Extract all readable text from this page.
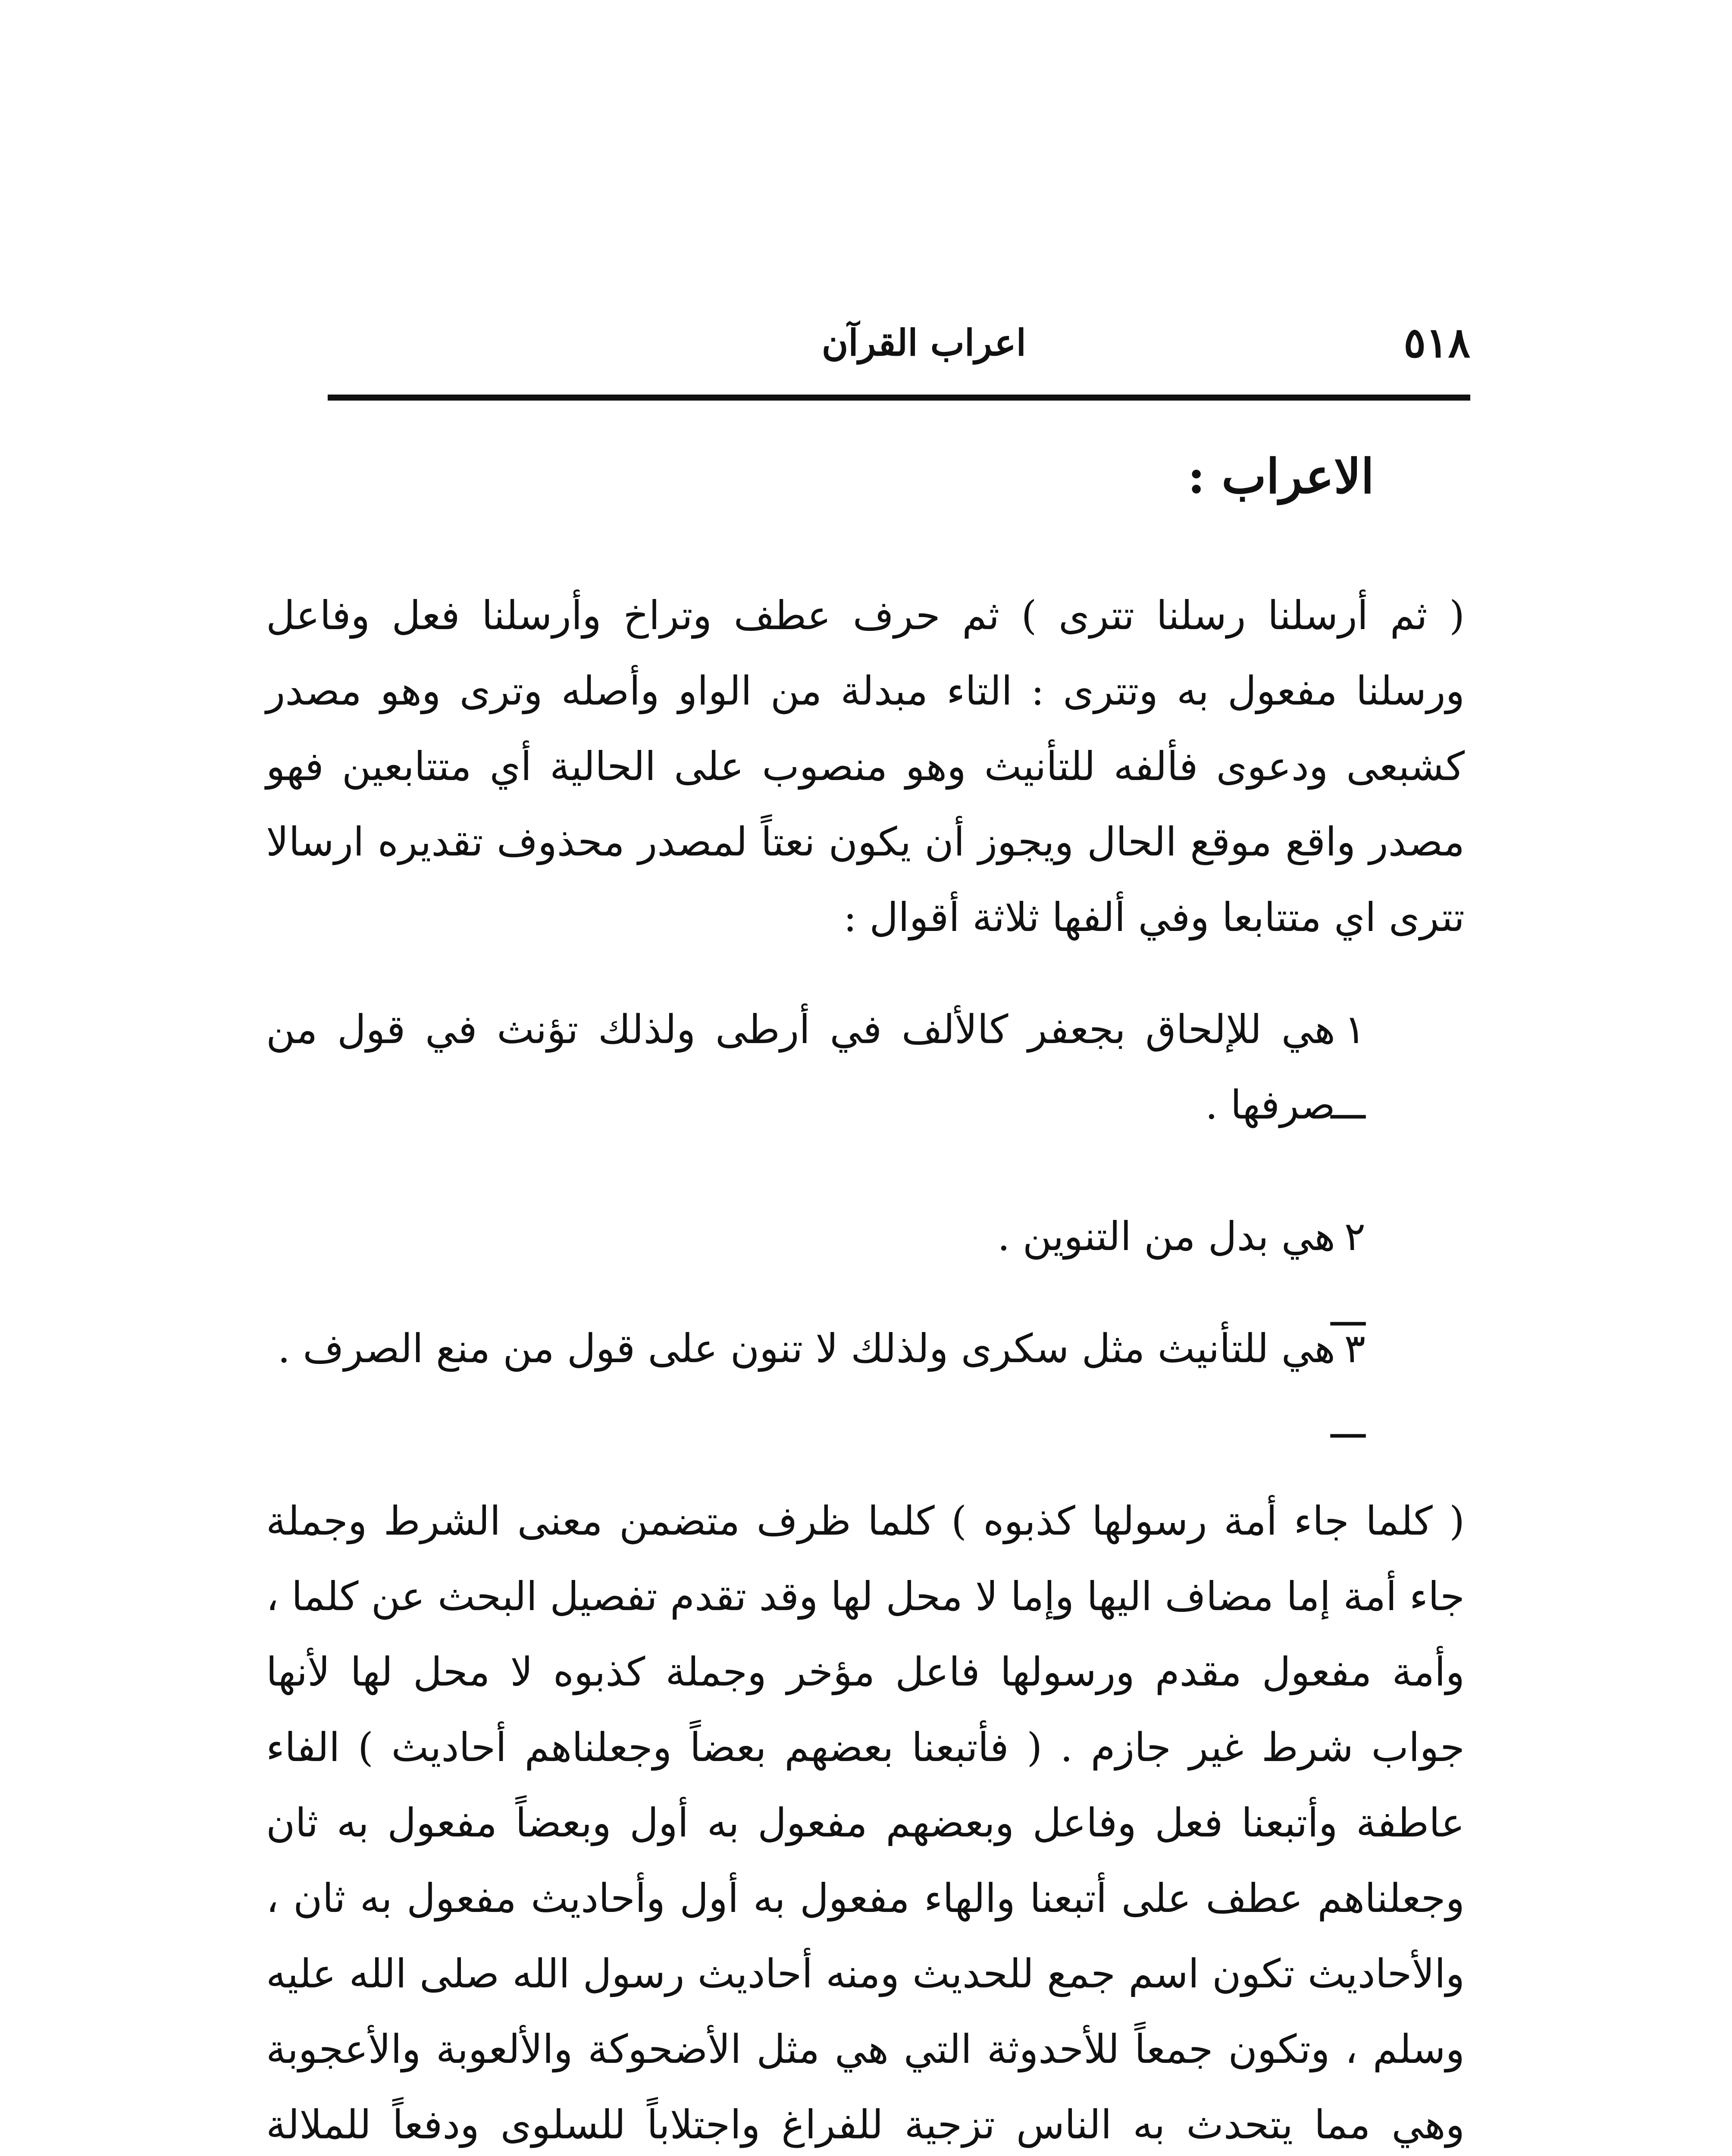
٥١٨
اعراب القرآن
الاعراب :
( ثم أرسلنا رسلنا تترى ) ثم حرف عطف وتراخ وأرسلنا فعل وفاعل ورسلنا مفعول به وتترى : التاء مبدلة من الواو وأصله وترى وهو مصدر كشبعى ودعوى فألفه للتأنيث وهو منصوب على الحالية أي متتابعين فهو مصدر واقع موقع الحال ويجوز أن يكون نعتاً لمصدر محذوف تقديره ارسالا تترى اي متتابعا وفي ألفها ثلاثة أقوال :
١ ـــ
هي للإلحاق بجعفر كالألف في أرطى ولذلك تؤنث في قول من صرفها .
٢ ـــ
هي بدل من التنوين .
٣ ـــ
هي للتأنيث مثل سكرى ولذلك لا تنون على قول من منع الصرف .
( كلما جاء أمة رسولها كذبوه ) كلما ظرف متضمن معنى الشرط وجملة جاء أمة إما مضاف اليها وإما لا محل لها وقد تقدم تفصيل البحث عن كلما ، وأمة مفعول مقدم ورسولها فاعل مؤخر وجملة كذبوه لا محل لها لأنها جواب شرط غير جازم . ( فأتبعنا بعضهم بعضاً وجعلناهم أحاديث ) الفاء عاطفة وأتبعنا فعل وفاعل وبعضهم مفعول به أول وبعضاً مفعول به ثان وجعلناهم عطف على أتبعنا والهاء مفعول به أول وأحاديث مفعول به ثان ، والأحاديث تكون اسم جمع للحديث ومنه أحاديث رسول الله صلى الله عليه وسلم ، وتكون جمعاً للأحدوثة التي هي مثل الأضحوكة والألعوبة والأعجوبة وهي مما يتحدث به الناس تزجية للفراغ واجتلاباً للسلوى ودفعاً للملالة
